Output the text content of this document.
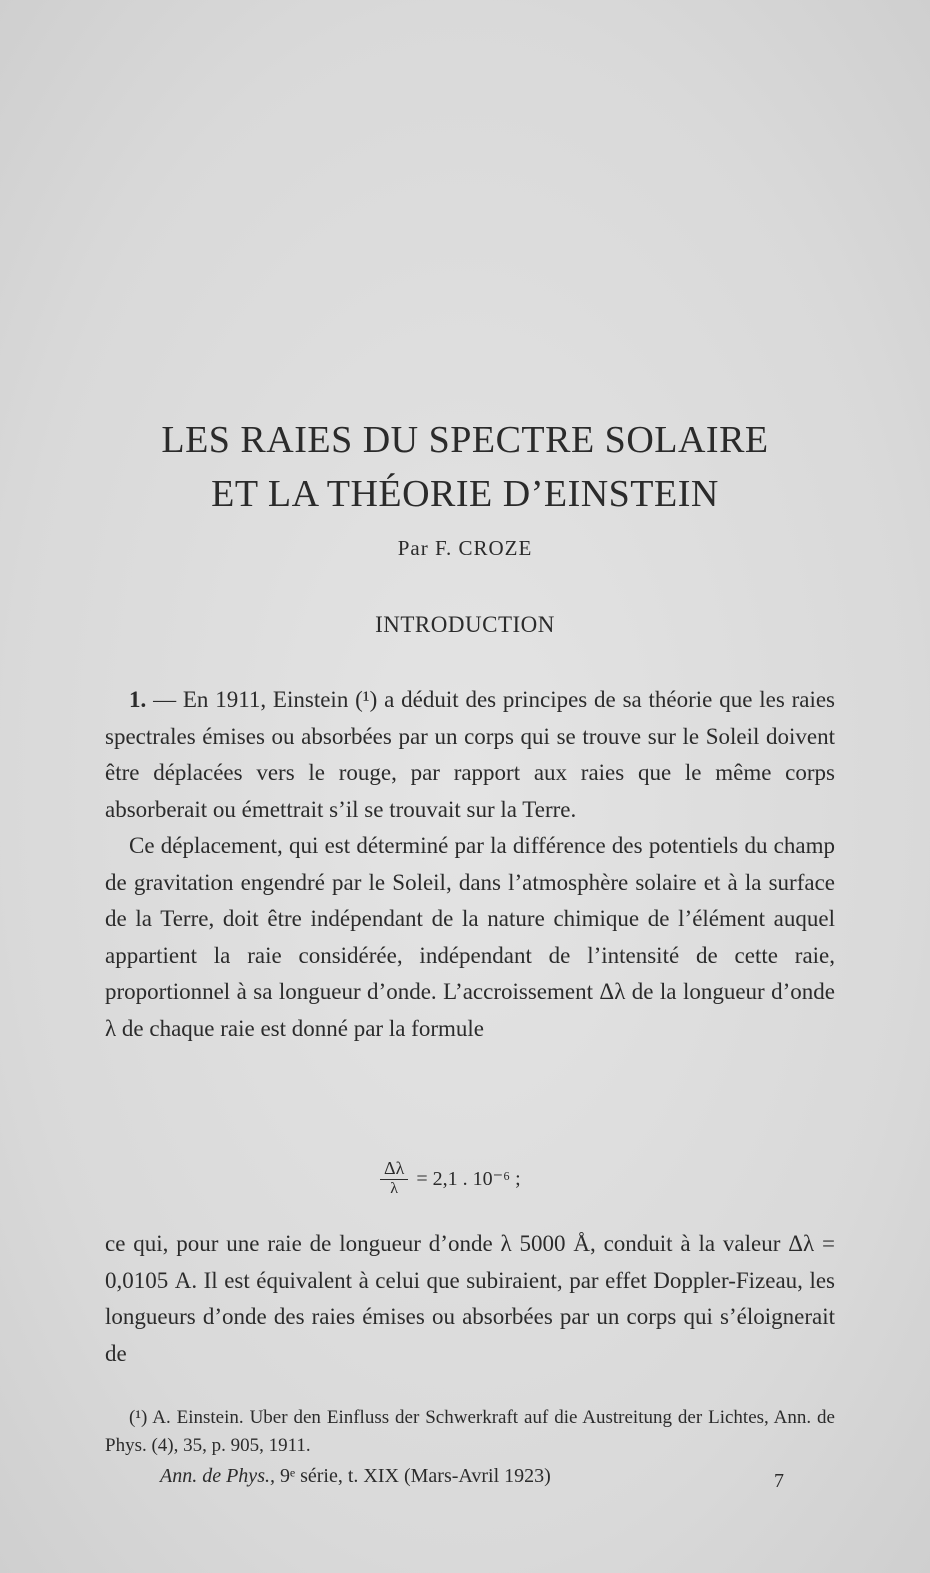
LES RAIES DU SPECTRE SOLAIRE
ET LA THÉORIE D’EINSTEIN
Par F. CROZE
INTRODUCTION

1. — En 1911, Einstein (¹) a déduit des principes de sa théorie que les raies spectrales émises ou absorbées par un corps qui se trouve sur le Soleil doivent être déplacées vers le rouge, par rapport aux raies que le même corps absorberait ou émettrait s’il se trouvait sur la Terre.

Ce déplacement, qui est déterminé par la différence des potentiels du champ de gravitation engendré par le Soleil, dans l’atmosphère solaire et à la surface de la Terre, doit être indépendant de la nature chimique de l’élément auquel appartient la raie considérée, indépendant de l’intensité de cette raie, proportionnel à sa longueur d’onde. L’accroissement Δλ de la longueur d’onde λ de chaque raie est donné par la formule

$\frac{\Delta\lambda}{\lambda} = 2,1$ . 10⁻⁶ ;

ce qui, pour une raie de longueur d’onde λ 5000 Å, conduit à la valeur Δλ = 0,0105 A. Il est équivalent à celui que subiraient, par effet Doppler-Fizeau, les longueurs d’onde des raies émises ou absorbées par un corps qui s’éloignerait de

(¹) A. Einstein. Uber den Einfluss der Schwerkraft auf die Austreitung der Lichtes, Ann. de Phys. (4), 35, p. 905, 1911.

Ann. de Phys., 9ᵉ série, t. XIX (Mars-Avril 1923)	7
